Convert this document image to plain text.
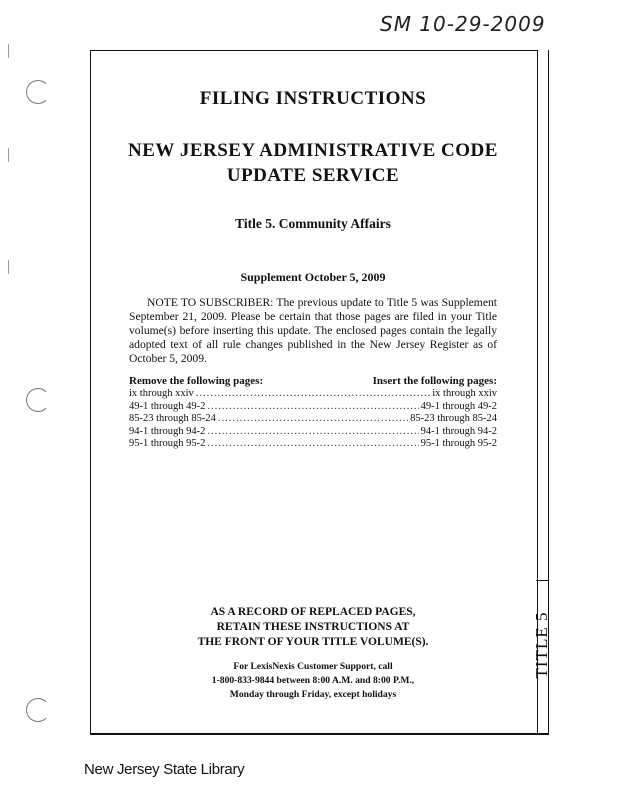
SM 10-29-2009
TITLE 5
FILING INSTRUCTIONS
NEW JERSEY ADMINISTRATIVE CODE
UPDATE SERVICE
Title 5. Community Affairs
Supplement October 5, 2009
NOTE TO SUBSCRIBER: The previous update to Title 5 was Supplement September 21, 2009. Please be certain that those pages are filed in your Title volume(s) before inserting this update. The enclosed pages contain the legally adopted text of all rule changes published in the New Jersey Register as of October 5, 2009.
Remove the following pages:	Insert the following pages:
ix through xxiv .....	ix through xxiv
49-1 through 49-2 .....	49-1 through 49-2
85-23 through 85-24 .....	85-23 through 85-24
94-1 through 94-2 .....	94-1 through 94-2
95-1 through 95-2 .....	95-1 through 95-2
AS A RECORD OF REPLACED PAGES,
RETAIN THESE INSTRUCTIONS AT
THE FRONT OF YOUR TITLE VOLUME(S).
For LexisNexis Customer Support, call
1-800-833-9844 between 8:00 A.M. and 8:00 P.M.,
Monday through Friday, except holidays
New Jersey State Library
